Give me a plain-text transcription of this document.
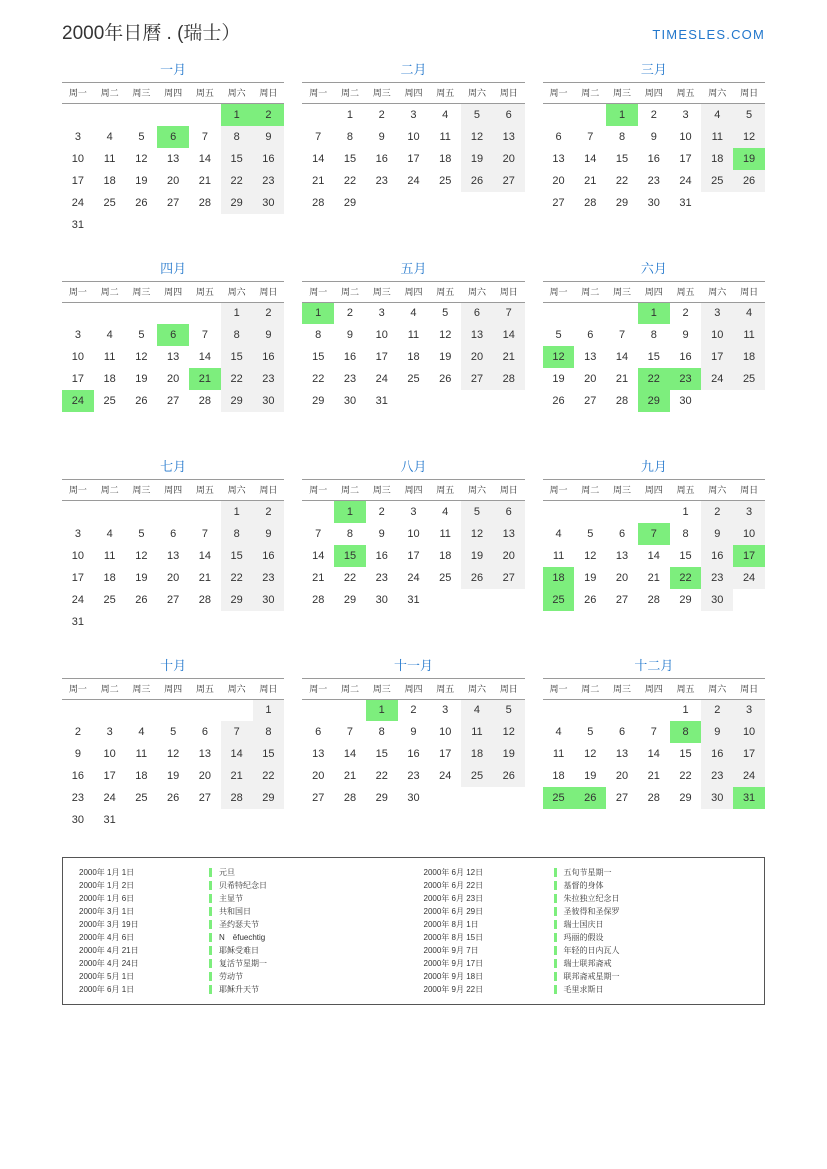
2000年日曆 . (瑞士）	TIMESLES.COM
一月
周一	周二	周三	周四	周五	周六	周日
					1	2
3	4	5	6	7	8	9
10	11	12	13	14	15	16
17	18	19	20	21	22	23
24	25	26	27	28	29	30
31						
二月
周一	周二	周三	周四	周五	周六	周日
	1	2	3	4	5	6
7	8	9	10	11	12	13
14	15	16	17	18	19	20
21	22	23	24	25	26	27
28	29					

三月
周一	周二	周三	周四	周五	周六	周日
		1	2	3	4	5
6	7	8	9	10	11	12
13	14	15	16	17	18	19
20	21	22	23	24	25	26
27	28	29	30	31		

四月
周一	周二	周三	周四	周五	周六	周日
					1	2
3	4	5	6	7	8	9
10	11	12	13	14	15	16
17	18	19	20	21	22	23
24	25	26	27	28	29	30

五月
周一	周二	周三	周四	周五	周六	周日
1	2	3	4	5	6	7
8	9	10	11	12	13	14
15	16	17	18	19	20	21
22	23	24	25	26	27	28
29	30	31				

六月
周一	周二	周三	周四	周五	周六	周日
			1	2	3	4
5	6	7	8	9	10	11
12	13	14	15	16	17	18
19	20	21	22	23	24	25
26	27	28	29	30		

七月
周一	周二	周三	周四	周五	周六	周日
					1	2
3	4	5	6	7	8	9
10	11	12	13	14	15	16
17	18	19	20	21	22	23
24	25	26	27	28	29	30
31						
八月
周一	周二	周三	周四	周五	周六	周日
	1	2	3	4	5	6
7	8	9	10	11	12	13
14	15	16	17	18	19	20
21	22	23	24	25	26	27
28	29	30	31			

九月
周一	周二	周三	周四	周五	周六	周日
				1	2	3
4	5	6	7	8	9	10
11	12	13	14	15	16	17
18	19	20	21	22	23	24
25	26	27	28	29	30	

十月
周一	周二	周三	周四	周五	周六	周日
						1
2	3	4	5	6	7	8
9	10	11	12	13	14	15
16	17	18	19	20	21	22
23	24	25	26	27	28	29
30	31					
十一月
周一	周二	周三	周四	周五	周六	周日
		1	2	3	4	5
6	7	8	9	10	11	12
13	14	15	16	17	18	19
20	21	22	23	24	25	26
27	28	29	30			

十二月
周一	周二	周三	周四	周五	周六	周日
				1	2	3
4	5	6	7	8	9	10
11	12	13	14	15	16	17
18	19	20	21	22	23	24
25	26	27	28	29	30	31

2000年 1月 1日	元旦
2000年 1月 2日	贝希特纪念日
2000年 1月 6日	主显节
2000年 3月 1日	共和国日
2000年 3月 19日	圣约瑟夫节
2000年 4月 6日	N　ëfuechtig
2000年 4月 21日	耶稣受难日
2000年 4月 24日	复活节星期一
2000年 5月 1日	劳动节
2000年 6月 1日	耶稣升天节
2000年 6月 12日	五旬节星期一
2000年 6月 22日	基督的身体
2000年 6月 23日	朱拉独立纪念日
2000年 6月 29日	圣彼得和圣保罗
2000年 8月 1日	瑞士国庆日
2000年 8月 15日	玛丽的假设
2000年 9月 7日	年轻的日内瓦人
2000年 9月 17日	瑞士联邦斋戒
2000年 9月 18日	联邦斋戒星期一
2000年 9月 22日	毛里求斯日
